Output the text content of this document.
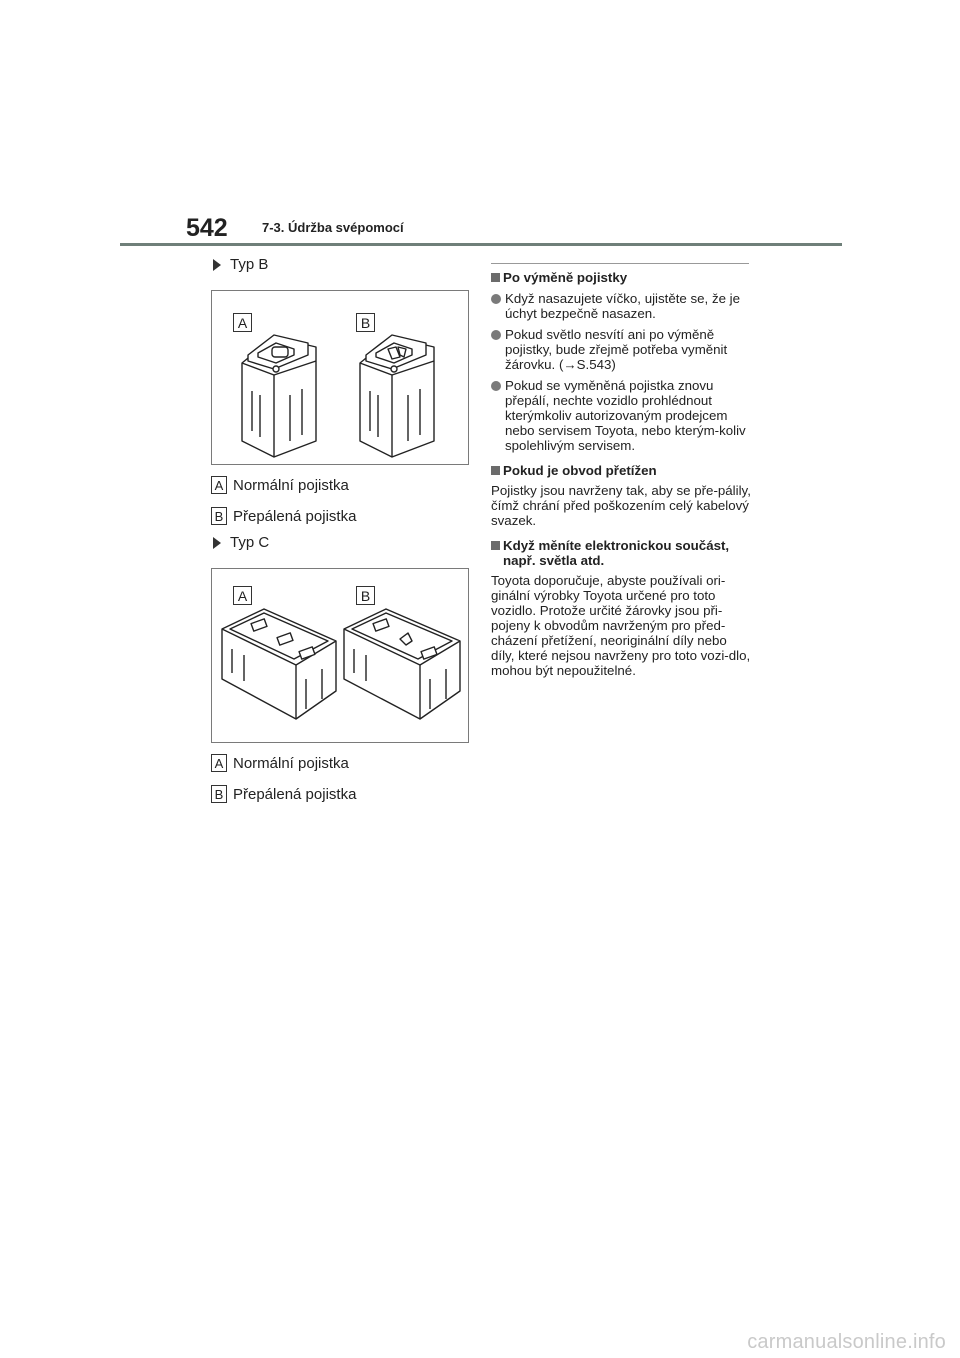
542	7-3. Údržba svépomocí
Typ B
A	B
A Normální pojistka
B Přepálená pojistka
Typ C
A	B
A Normální pojistka
B Přepálená pojistka
Po výměně pojistky
Když nasazujete víčko, ujistěte se, že je úchyt bezpečně nasazen.
Pokud světlo nesvítí ani po výměně pojistky, bude zřejmě potřeba vyměnit žárovku. (→S.543)
Pokud se vyměněná pojistka znovu přepálí, nechte vozidlo prohlédnout kterýmkoliv autorizovaným prodejcem nebo servisem Toyota, nebo kterým-koliv spolehlivým servisem.
Pokud je obvod přetížen
Pojistky jsou navrženy tak, aby se pře-pálily, čímž chrání před poškozením celý kabelový svazek.
Když měníte elektronickou součást, např. světla atd.
Toyota doporučuje, abyste používali ori-ginální výrobky Toyota určené pro toto vozidlo. Protože určité žárovky jsou při-pojeny k obvodům navrženým pro před-cházení přetížení, neoriginální díly nebo díly, které nejsou navrženy pro toto vozi-dlo, mohou být nepoužitelné.
carmanualsonline.info
